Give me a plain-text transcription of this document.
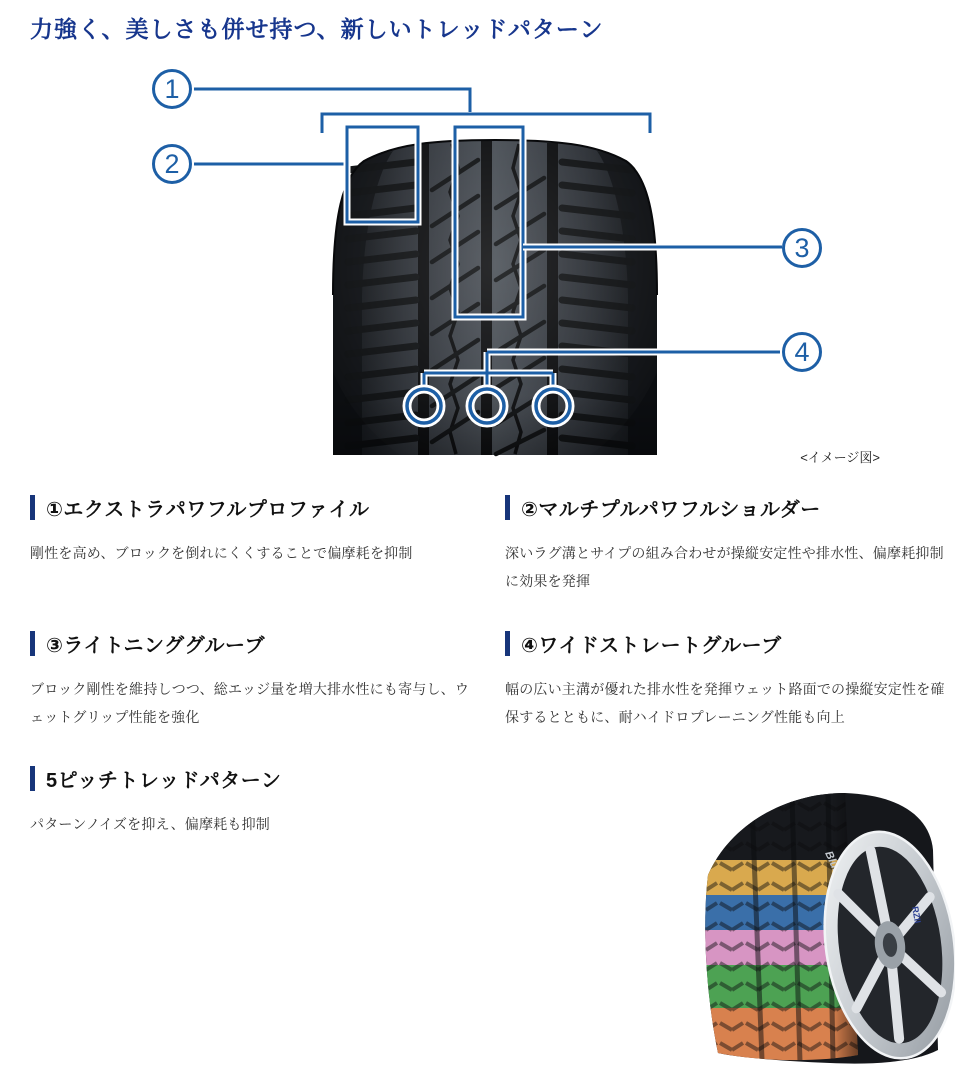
力強く、美しさも併せ持つ、新しいトレッドパターン
1
2
3
4
<イメージ図>
①エクストラパワフルプロファイル

剛性を高め、ブロックを倒れにくくすることで偏摩耗を抑制

②マルチプルパワフルショルダー

深いラグ溝とサイプの組み合わせが操縦安定性や排水性、偏摩耗抑制に効果を発揮

③ライトニンググルーブ

ブロック剛性を維持しつつ、総エッジ量を増大排水性にも寄与し、ウェットグリップ性能を強化

④ワイドストレートグルーブ

幅の広い主溝が優れた排水性を発揮ウェット路面での操縦安定性を確保するとともに、耐ハイドロプレーニング性能も向上

5ピッチトレッドパターン

パターンノイズを抑え、偏摩耗も抑制

RZII
